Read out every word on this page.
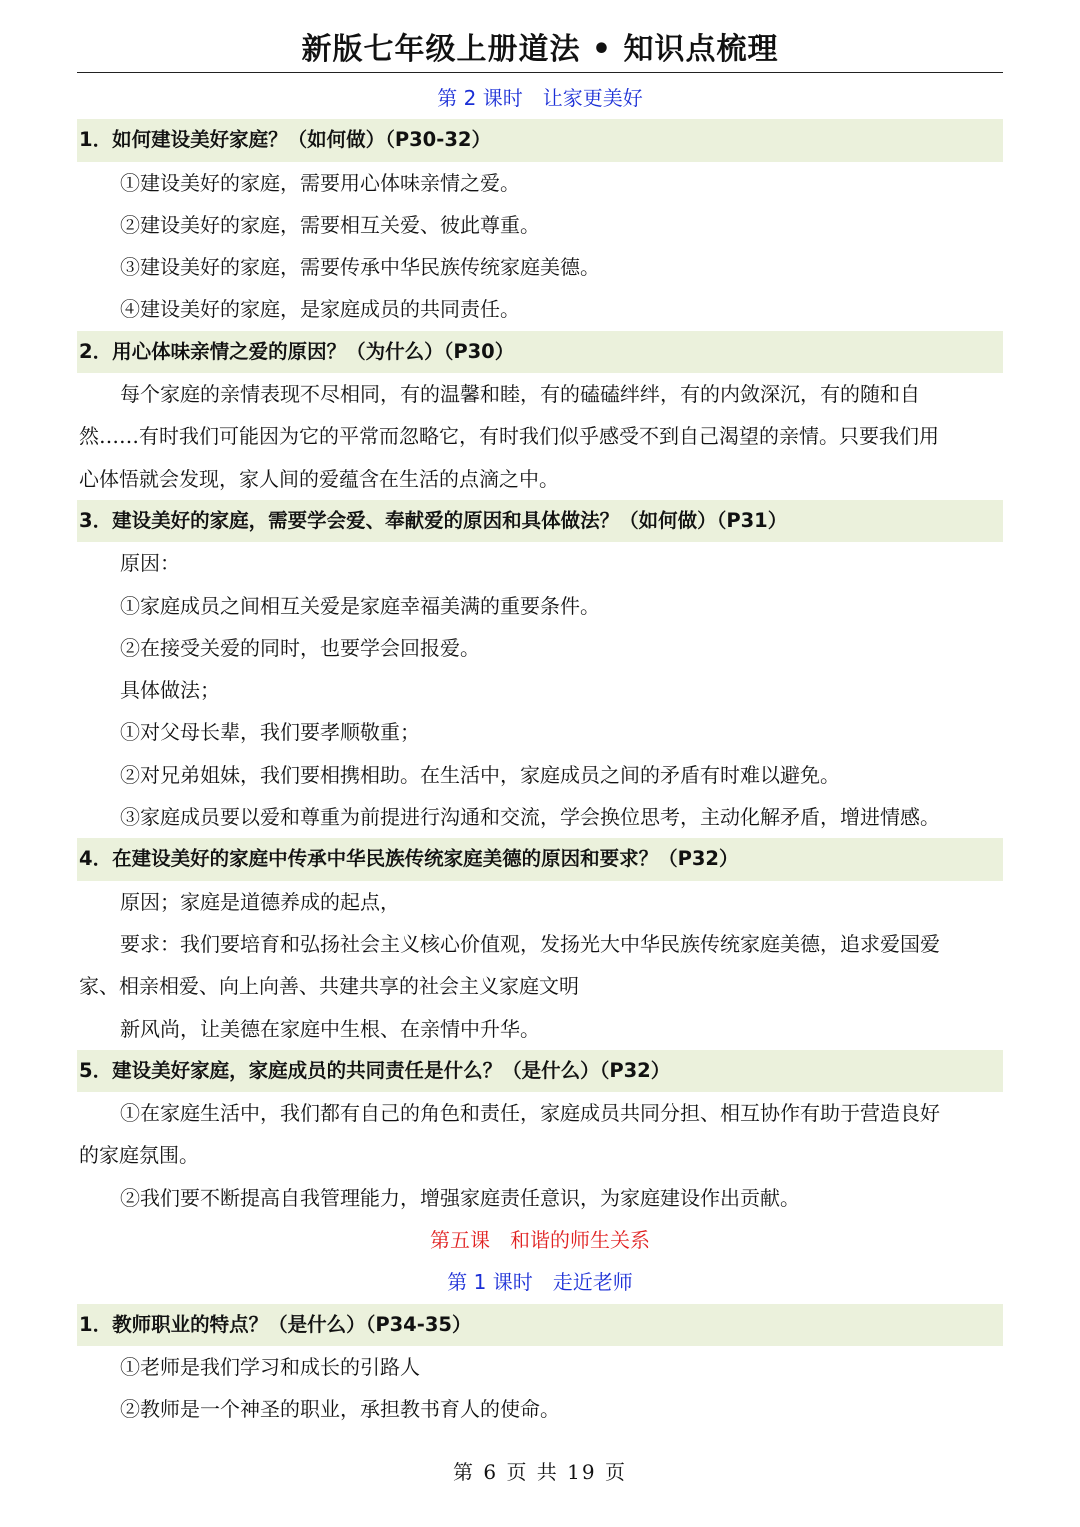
新版七年级上册道法 • 知识点梳理
第 2 课时　让家更美好
1．如何建设美好家庭？（如何做）（P30-32）
①建设美好的家庭，需要用心体味亲情之爱。
②建设美好的家庭，需要相互关爱、彼此尊重。
③建设美好的家庭，需要传承中华民族传统家庭美德。
④建设美好的家庭，是家庭成员的共同责任。
2．用心体味亲情之爱的原因？（为什么）（P30）
每个家庭的亲情表现不尽相同，有的温馨和睦，有的磕磕绊绊，有的内敛深沉，有的随和自
然……有时我们可能因为它的平常而忽略它，有时我们似乎感受不到自己渴望的亲情。只要我们用
心体悟就会发现，家人间的爱蕴含在生活的点滴之中。
3．建设美好的家庭，需要学会爱、奉献爱的原因和具体做法？（如何做）（P31）
原因：
①家庭成员之间相互关爱是家庭幸福美满的重要条件。
②在接受关爱的同时，也要学会回报爱。
具体做法；
①对父母长辈，我们要孝顺敬重；
②对兄弟姐妹，我们要相携相助。在生活中，家庭成员之间的矛盾有时难以避免。
③家庭成员要以爱和尊重为前提进行沟通和交流，学会换位思考，主动化解矛盾，增进情感。
4．在建设美好的家庭中传承中华民族传统家庭美德的原因和要求？（P32）
原因；家庭是道德养成的起点，
要求：我们要培育和弘扬社会主义核心价值观，发扬光大中华民族传统家庭美德，追求爱国爱
家、相亲相爱、向上向善、共建共享的社会主义家庭文明
新风尚，让美德在家庭中生根、在亲情中升华。
5．建设美好家庭，家庭成员的共同责任是什么？（是什么）（P32）
①在家庭生活中，我们都有自己的角色和责任，家庭成员共同分担、相互协作有助于营造良好
的家庭氛围。
②我们要不断提高自我管理能力，增强家庭责任意识，为家庭建设作出贡献。
第五课　和谐的师生关系
第 1 课时　走近老师
1．教师职业的特点？（是什么）（P34-35）
①老师是我们学习和成长的引路人
②教师是一个神圣的职业，承担教书育人的使命。
第 6 页 共 19 页
